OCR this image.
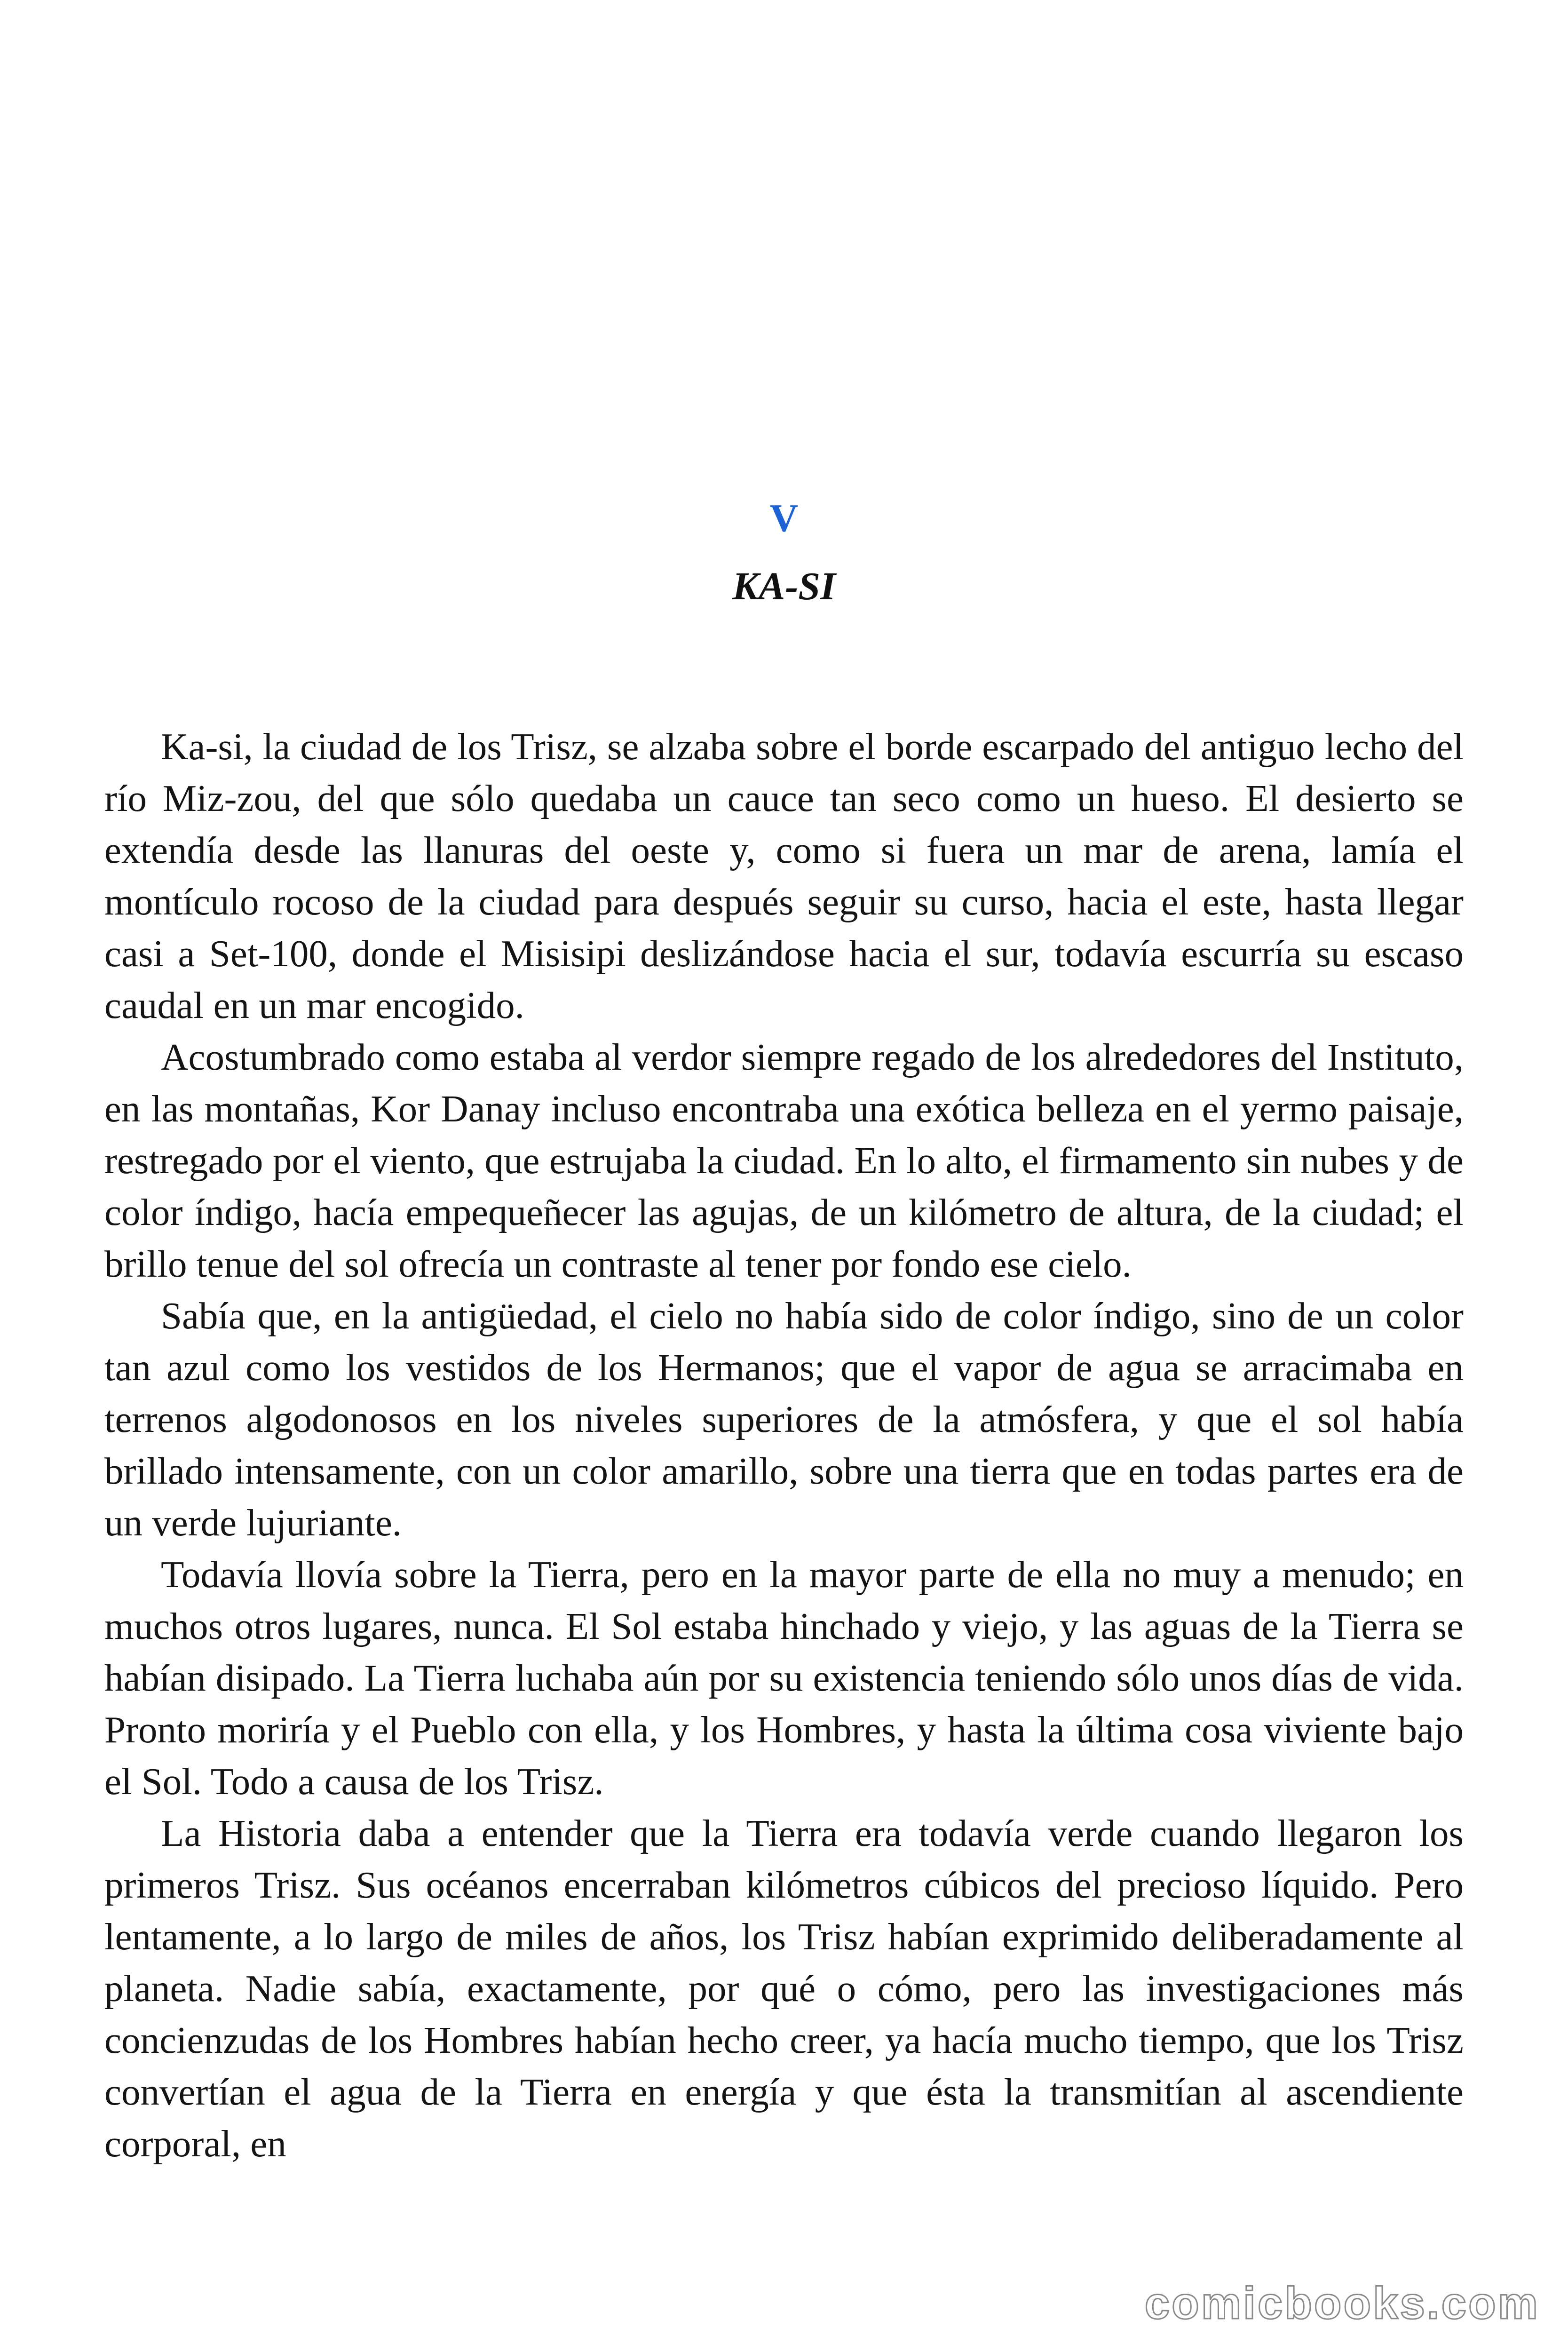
V
KA-SI

Ka-si, la ciudad de los Trisz, se alzaba sobre el borde escarpado del antiguo lecho del río Miz-zou, del que sólo quedaba un cauce tan seco como un hueso. El desierto se extendía desde las llanuras del oeste y, como si fuera un mar de arena, lamía el montículo rocoso de la ciudad para después seguir su curso, hacia el este, hasta llegar casi a Set-100, donde el Misisipi deslizándose hacia el sur, todavía escurría su escaso caudal en un mar encogido.

Acostumbrado como estaba al verdor siempre regado de los alrededores del Instituto, en las montañas, Kor Danay incluso encontraba una exótica belleza en el yermo paisaje, restregado por el viento, que estrujaba la ciudad. En lo alto, el firmamento sin nubes y de color índigo, hacía empequeñecer las agujas, de un kilómetro de altura, de la ciudad; el brillo tenue del sol ofrecía un contraste al tener por fondo ese cielo.

Sabía que, en la antigüedad, el cielo no había sido de color índigo, sino de un color tan azul como los vestidos de los Hermanos; que el vapor de agua se arracimaba en terrenos algodonosos en los niveles superiores de la atmósfera, y que el sol había brillado intensamente, con un color amarillo, sobre una tierra que en todas partes era de un verde lujuriante.

Todavía llovía sobre la Tierra, pero en la mayor parte de ella no muy a menudo; en muchos otros lugares, nunca. El Sol estaba hinchado y viejo, y las aguas de la Tierra se habían disipado. La Tierra luchaba aún por su existencia teniendo sólo unos días de vida. Pronto moriría y el Pueblo con ella, y los Hombres, y hasta la última cosa viviente bajo el Sol. Todo a causa de los Trisz.

La Historia daba a entender que la Tierra era todavía verde cuando llegaron los primeros Trisz. Sus océanos encerraban kilómetros cúbicos del precioso líquido. Pero lentamente, a lo largo de miles de años, los Trisz habían exprimido deliberadamente al planeta. Nadie sabía, exactamente, por qué o cómo, pero las investigaciones más concienzudas de los Hombres habían hecho creer, ya hacía mucho tiempo, que los Trisz convertían el agua de la Tierra en energía y que ésta la transmitían al ascendiente corporal, en

comicbooks.com
